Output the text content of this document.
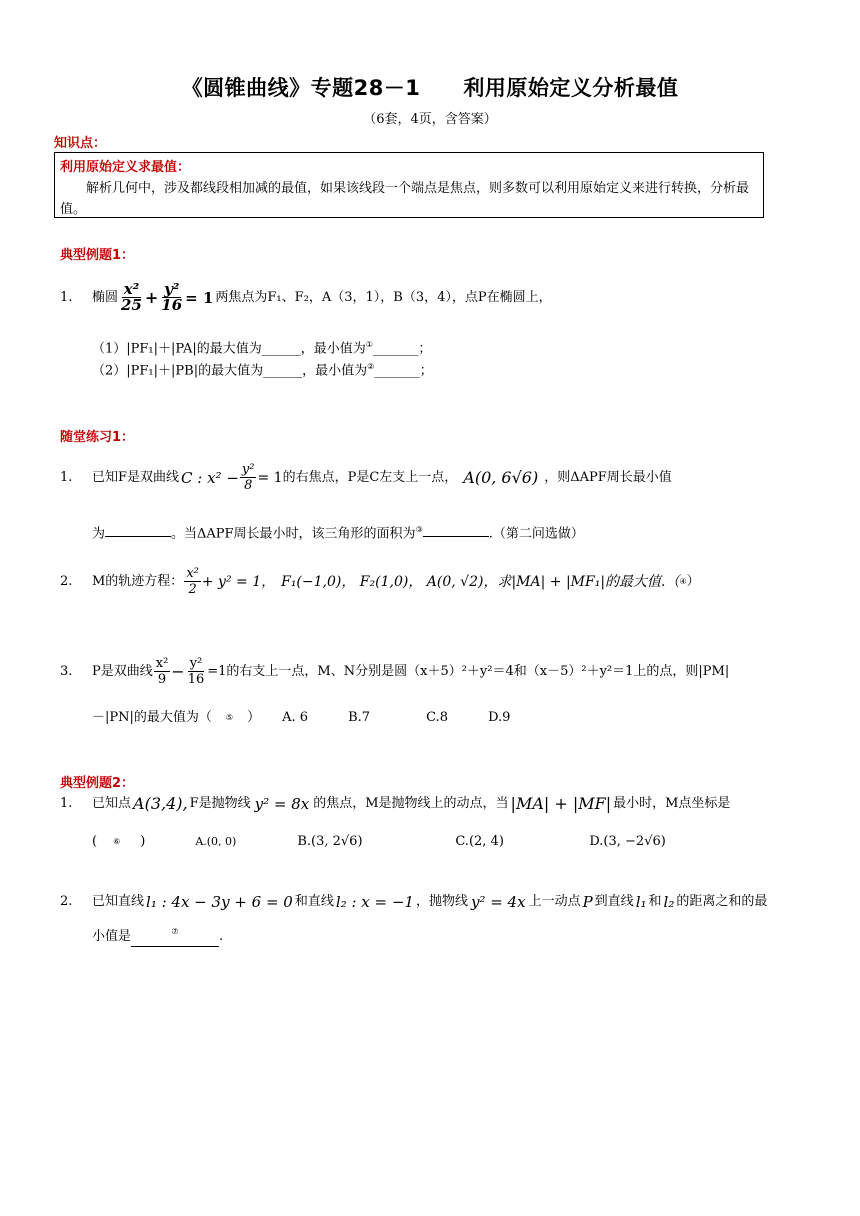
《圆锥曲线》专题28－1　　利用原始定义分析最值
（6套，4页，含答案）
知识点：
利用原始定义求最值：
　　解析几何中，涉及都线段相加减的最值，如果该线段一个端点是焦点，则多数可以利用原始定义来进行转换，分析最值。
典型例题1：
1.	椭圆 $\frac{\text{x²}}{25} + \frac{\text{y²}}{16} = 1$ 两焦点为F₁、F₂，A（3，1），B（3，4），点P在椭圆上，
（1）|PF₁|＋|PA|的最大值为______，最小值为①_______；
（2）|PF₁|＋|PB|的最大值为______，最小值为②_______；
随堂练习1：
1.	已知F是双曲线 C : $x^2 - \frac{\text{y²}}{8} = 1$ 的右焦点，P是C左支上一点， A(0, 6√6) ，则ΔAPF周长最小值
为	。当ΔAPF周长最小时，该三角形的面积为③	.（第二问选做）
2.	M的轨迹方程： $\frac{\text{x²}}{2} + y^2 = 1$， F₁(−1,0)， F₂(1,0)， A(0, √2)，求|MA| + |MF₁|的最大值.（ ④ ）
3.	P是双曲线 $\frac{\text{x²}}{9} - \frac{\text{y²}}{16} =1$ 的右支上一点，M、N分别是圆（x＋5）²＋y²＝4和（x－5）²＋y²＝1上的点，则|PM|
－|PN|的最大值为（ ⑤ ） A. 6	B.7	C.8	D.9
典型例题2：
1.	已知点 A(3,4), F是抛物线 y² = 8x 的焦点，M是抛物线上的动点，当 |MA| + |MF| 最小时，M点坐标是
( ⑥ )	A.(0, 0)	B.(3, 2√6)	C.(2, 4)	D.(3, −2√6)
2.	已知直线 l₁ : 4x − 3y + 6 = 0 和直线 l₂ : x = −1 ，抛物线 y² = 4x 上一动点 P 到直线 l₁ 和 l₂ 的距离之和的最
小值是	⑦	.
